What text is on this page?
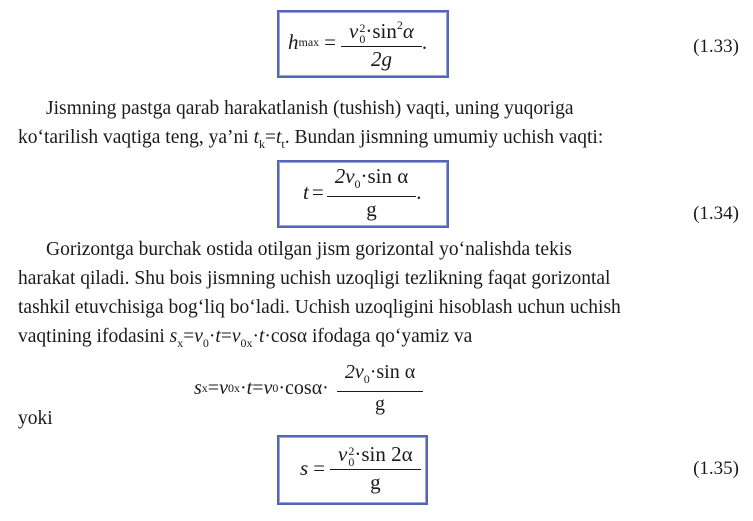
h max = v 2
$0 \cdot\sin^2\alpha$
2g .	(1.33)

Jismning pastga qarab harakatlanish (tushish) vaqti, uning yuqoriga

ko‘tarilish vaqtiga teng, ya’ni $t_k=t_t$. Bundan jismning umumiy uchish vaqti:

$t = \frac{2v_0\cdot\sin \alpha}{g}$ .
(1.34)

Gorizontga burchak ostida otilgan jism gorizontal yo‘nalishda tekis

harakat qiladi. Shu bois jismning uchish uzoqligi tezlikning faqat gorizontal

tashkil etuvchisiga bog‘liq bo‘ladi. Uchish uzoqligini hisoblash uchun uchish

vaqtining ifodasini $s_x=v_0\cdot t=v_{0x}\cdot t\cdot\cos\alpha$ ifodaga qo‘yamiz va

s x = v 0x · t = v $0 \cdot\cos\alpha\cdot \frac{2v_0\cdot\sin \alpha}{g}$

yoki

s = v 2
0 ·sin 2α
g	(1.35)
